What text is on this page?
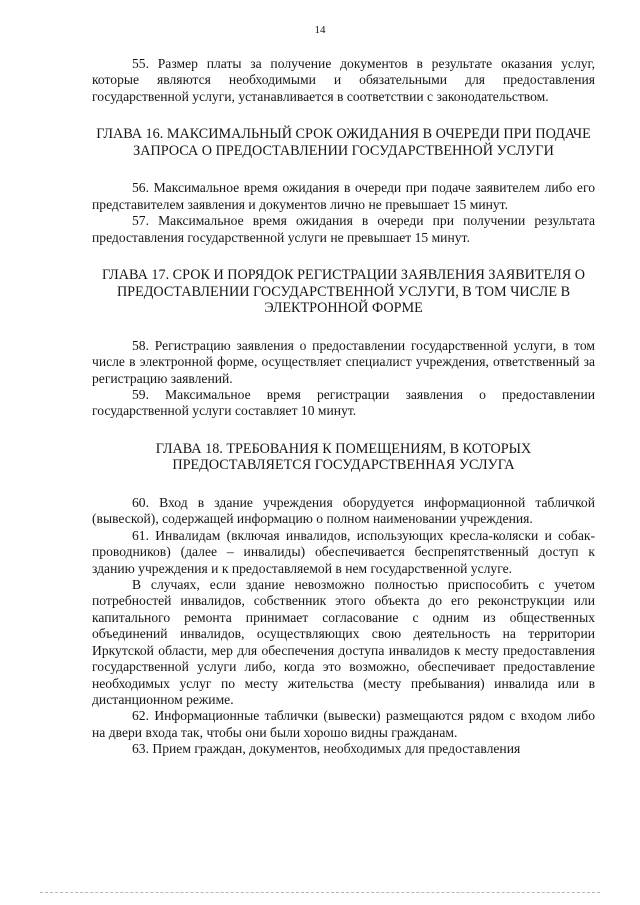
14

55. Размер платы за получение документов в результате оказания услуг, которые являются необходимыми и обязательными для предоставления государственной услуги, устанавливается в соответствии с законодательством.

ГЛАВА 16. МАКСИМАЛЬНЫЙ СРОК ОЖИДАНИЯ В ОЧЕРЕДИ ПРИ ПОДАЧЕ ЗАПРОСА О ПРЕДОСТАВЛЕНИИ ГОСУДАРСТВЕННОЙ УСЛУГИ

56. Максимальное время ожидания в очереди при подаче заявителем либо его представителем заявления и документов лично не превышает 15 минут.

57. Максимальное время ожидания в очереди при получении результата предоставления государственной услуги не превышает 15 минут.

ГЛАВА 17. СРОК И ПОРЯДОК РЕГИСТРАЦИИ ЗАЯВЛЕНИЯ ЗАЯВИТЕЛЯ О ПРЕДОСТАВЛЕНИИ ГОСУДАРСТВЕННОЙ УСЛУГИ, В ТОМ ЧИСЛЕ В ЭЛЕКТРОННОЙ ФОРМЕ

58. Регистрацию заявления о предоставлении государственной услуги, в том числе в электронной форме, осуществляет специалист учреждения, ответственный за регистрацию заявлений.

59. Максимальное время регистрации заявления о предоставлении государственной услуги составляет 10 минут.

ГЛАВА 18. ТРЕБОВАНИЯ К ПОМЕЩЕНИЯМ, В КОТОРЫХ ПРЕДОСТАВЛЯЕТСЯ ГОСУДАРСТВЕННАЯ УСЛУГА

60. Вход в здание учреждения оборудуется информационной табличкой (вывеской), содержащей информацию о полном наименовании учреждения.

61. Инвалидам (включая инвалидов, использующих кресла-коляски и собак-проводников) (далее – инвалиды) обеспечивается беспрепятственный доступ к зданию учреждения и к предоставляемой в нем государственной услуге.

В случаях, если здание невозможно полностью приспособить с учетом потребностей инвалидов, собственник этого объекта до его реконструкции или капитального ремонта принимает согласование с одним из общественных объединений инвалидов, осуществляющих свою деятельность на территории Иркутской области, мер для обеспечения доступа инвалидов к месту предоставления государственной услуги либо, когда это возможно, обеспечивает предоставление необходимых услуг по месту жительства (месту пребывания) инвалида или в дистанционном режиме.

62. Информационные таблички (вывески) размещаются рядом с входом либо на двери входа так, чтобы они были хорошо видны гражданам.

63. Прием граждан, документов, необходимых для предоставления
